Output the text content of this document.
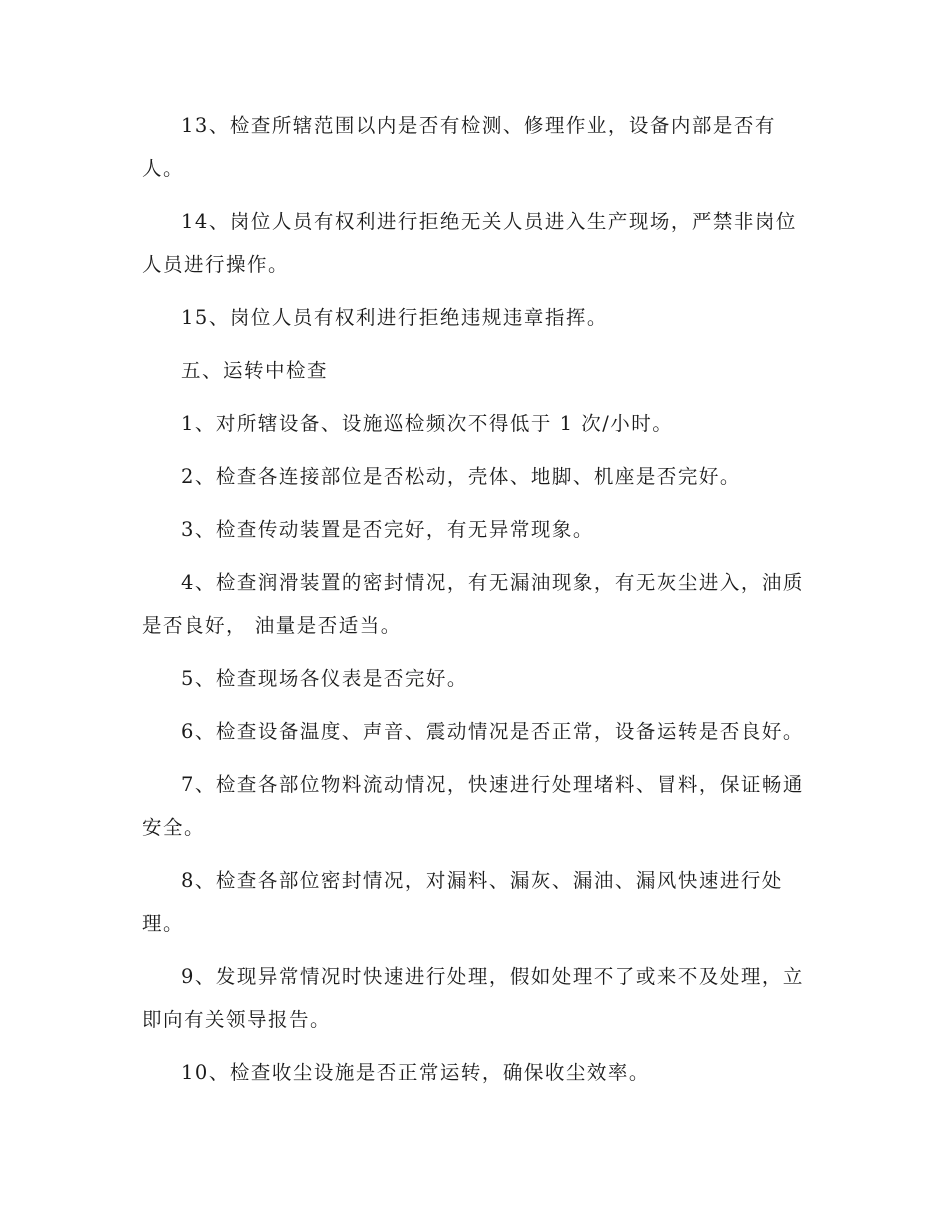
13、检查所辖范围以内是否有检测、修理作业，设备内部是否有人。

14、岗位人员有权利进行拒绝无关人员进入生产现场，严禁非岗位人员进行操作。

15、岗位人员有权利进行拒绝违规违章指挥。

五、运转中检查

1、对所辖设备、设施巡检频次不得低于 1 次/小时。

2、检查各连接部位是否松动，壳体、地脚、机座是否完好。

3、检查传动装置是否完好，有无异常现象。

4、检查润滑装置的密封情况，有无漏油现象，有无灰尘进入，油质是否良好， 油量是否适当。

5、检查现场各仪表是否完好。

6、检查设备温度、声音、震动情况是否正常，设备运转是否良好。

7、检查各部位物料流动情况，快速进行处理堵料、冒料，保证畅通安全。

8、检查各部位密封情况，对漏料、漏灰、漏油、漏风快速进行处理。

9、发现异常情况时快速进行处理，假如处理不了或来不及处理，立即向有关领导报告。

10、检查收尘设施是否正常运转，确保收尘效率。
